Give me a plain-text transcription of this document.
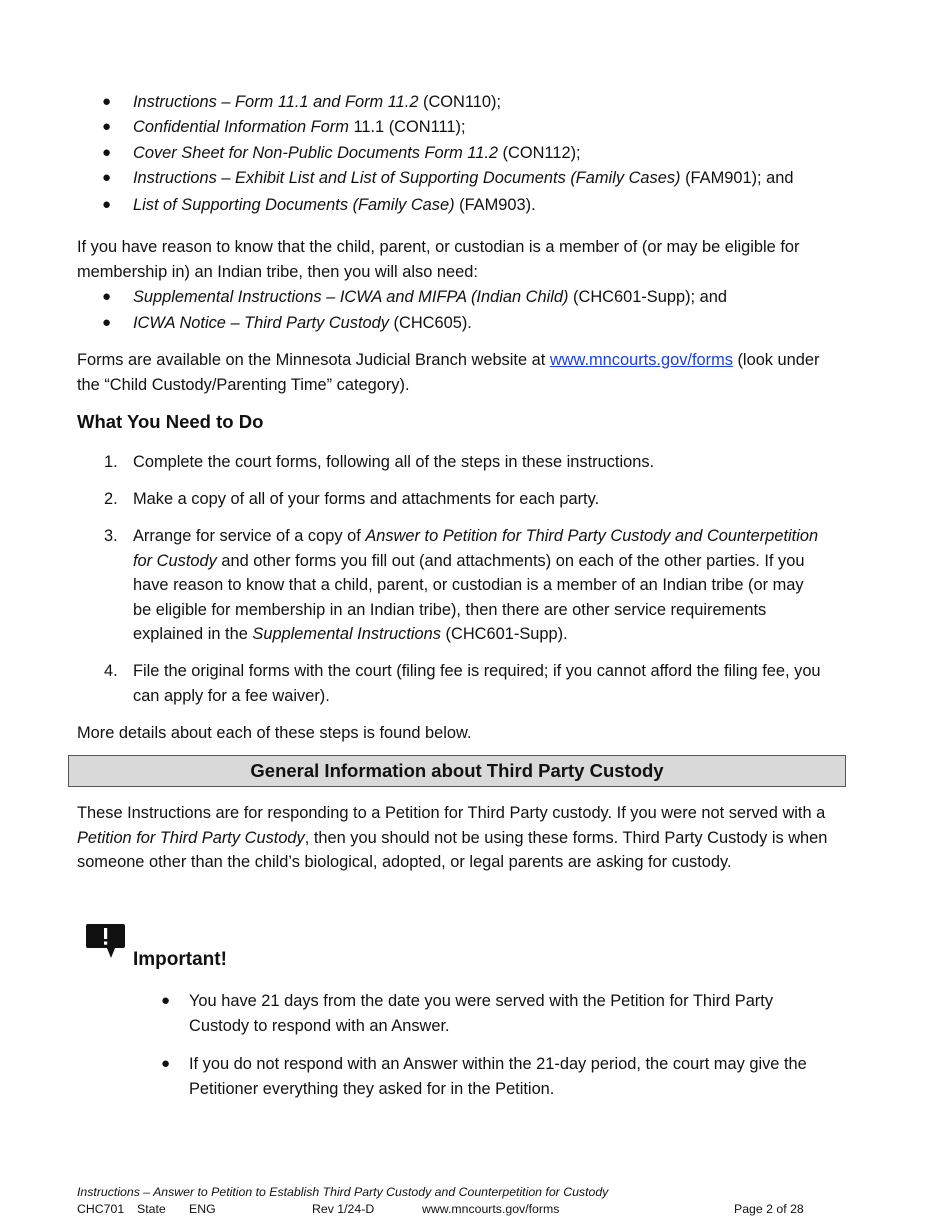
● Instructions – Form 11.1 and Form 11.2 (CON110);
● Confidential Information Form 11.1 (CON111);
● Cover Sheet for Non-Public Documents Form 11.2 (CON112);
● Instructions – Exhibit List and List of Supporting Documents (Family Cases) (FAM901); and
● List of Supporting Documents (Family Case) (FAM903).

If you have reason to know that the child, parent, or custodian is a member of (or may be eligible for membership in) an Indian tribe, then you will also need:

● Supplemental Instructions – ICWA and MIFPA (Indian Child) (CHC601-Supp); and
● ICWA Notice – Third Party Custody (CHC605).

Forms are available on the Minnesota Judicial Branch website at www.mncourts.gov/forms (look under the “Child Custody/Parenting Time” category).

What You Need to Do
1. Complete the court forms, following all of the steps in these instructions.
2. Make a copy of all of your forms and attachments for each party.
3. Arrange for service of a copy of Answer to Petition for Third Party Custody and Counterpetition for Custody and other forms you fill out (and attachments) on each of the other parties. If you have reason to know that a child, parent, or custodian is a member of an Indian tribe (or may be eligible for membership in an Indian tribe), then there are other service requirements explained in the Supplemental Instructions (CHC601-Supp).
4. File the original forms with the court (filing fee is required; if you cannot afford the filing fee, you can apply for a fee waiver).

More details about each of these steps is found below.

General Information about Third Party Custody

These Instructions are for responding to a Petition for Third Party custody. If you were not served with a Petition for Third Party Custody, then you should not be using these forms. Third Party Custody is when someone other than the child’s biological, adopted, or legal parents are asking for custody.

Important!
● You have 21 days from the date you were served with the Petition for Third Party Custody to respond with an Answer.
● If you do not respond with an Answer within the 21-day period, the court may give the Petitioner everything they asked for in the Petition.
Instructions – Answer to Petition to Establish Third Party Custody and Counterpetition for Custody
CHC701 State ENG	Rev 1/24-D	www.mncourts.gov/forms	Page 2 of 28
